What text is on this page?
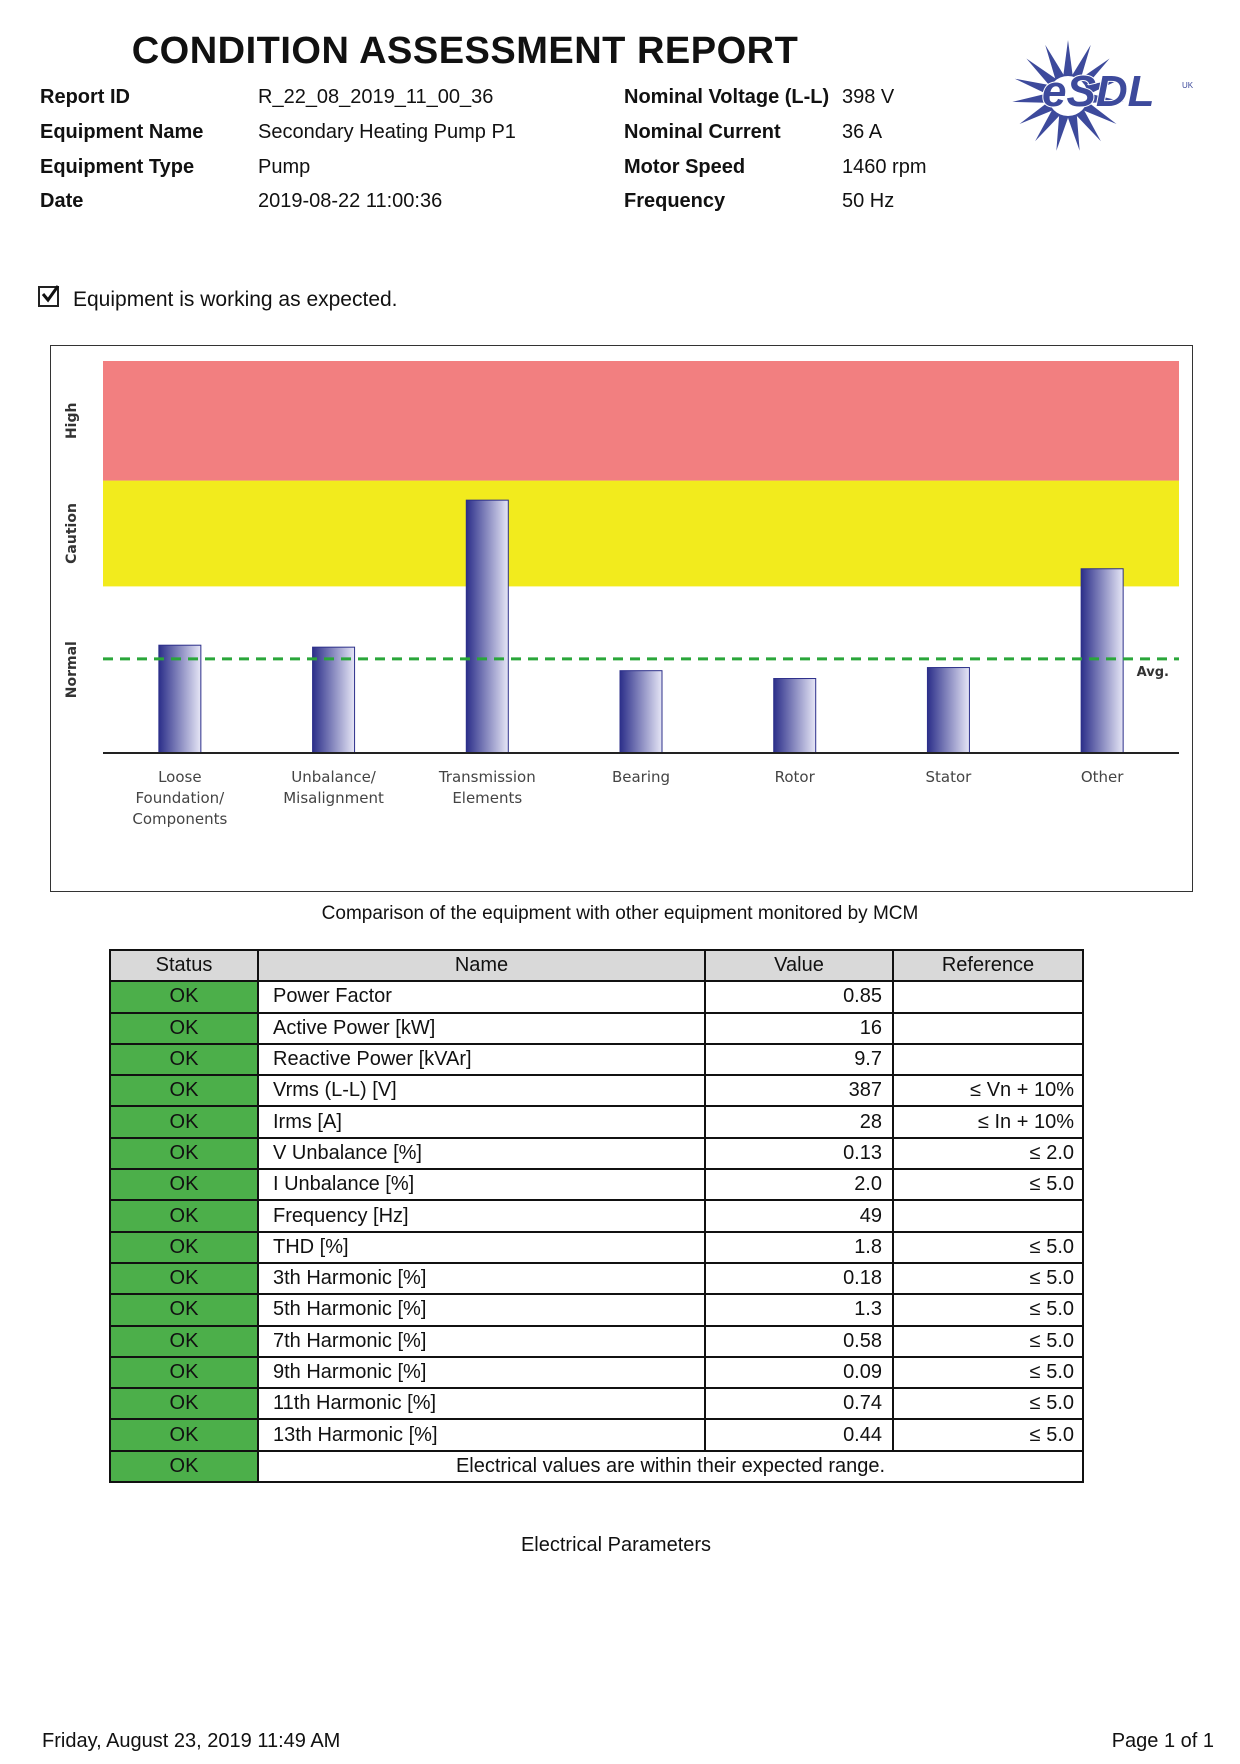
CONDITION ASSESSMENT REPORT
Report ID	R_22_08_2019_11_00_36
Equipment Name	Secondary Heating Pump P1
Equipment Type	Pump
Date	2019-08-22 11:00:36
Nominal Voltage (L-L) 398 V
Nominal Current	36 A
Motor Speed	1460 rpm
Frequency	50 Hz
eSDL	UK
Equipment is working as expected.
Normal
Caution
High
Avg.
Loose
Foundation/
Components
Unbalance/
Misalignment
Transmission
Elements
Bearing	Rotor	Stator	Other
Comparison of the equipment with other equipment monitored by MCM
Status	Name	Value	Reference
OK	Power Factor	0.85	
OK	Active Power [kW]	16	
OK	Reactive Power [kVAr]	9.7	
OK	Vrms (L-L) [V]	387	≤ Vn + 10%
OK	Irms [A]	28	≤ In + 10%
OK	V Unbalance [%]	0.13	≤ 2.0
OK	I Unbalance [%]	2.0	≤ 5.0
OK	Frequency [Hz]	49	
OK	THD [%]	1.8	≤ 5.0
OK	3th Harmonic [%]	0.18	≤ 5.0
OK	5th Harmonic [%]	1.3	≤ 5.0
OK	7th Harmonic [%]	0.58	≤ 5.0
OK	9th Harmonic [%]	0.09	≤ 5.0
OK	11th Harmonic [%]	0.74	≤ 5.0
OK	13th Harmonic [%]	0.44	≤ 5.0
OK	Electrical values are within their expected range.		
Electrical Parameters
Friday, August 23, 2019 11:49 AM	Page 1 of 1
